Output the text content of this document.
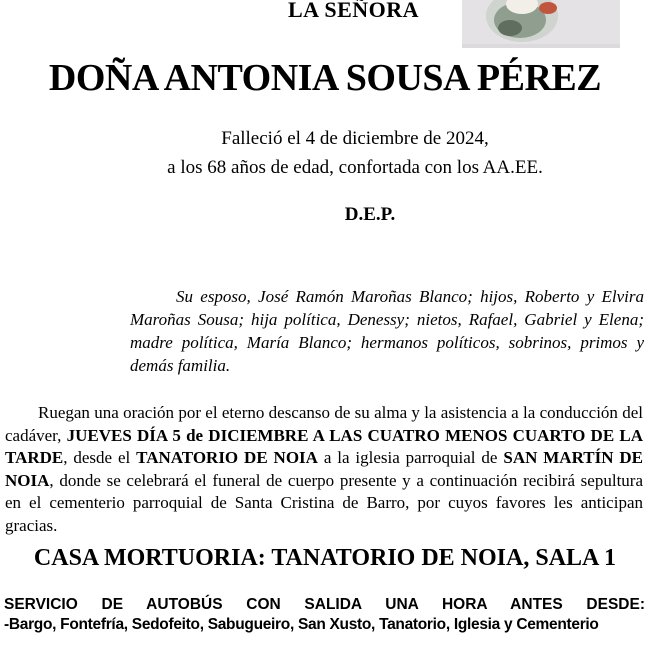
LA SEÑORA
DOÑA ANTONIA SOUSA PÉREZ
Falleció el 4 de diciembre de 2024,
a los 68 años de edad, confortada con los AA.EE.
D.E.P.
Su esposo, José Ramón Maroñas Blanco; hijos, Roberto y Elvira Maroñas Sousa; hija política, Denessy; nietos, Rafael, Gabriel y Elena; madre política, María Blanco; hermanos políticos, sobrinos, primos y demás familia.
Ruegan una oración por el eterno descanso de su alma y la asistencia a la conducción del cadáver, JUEVES DÍA 5 de DICIEMBRE A LAS CUATRO MENOS CUARTO DE LA TARDE, desde el TANATORIO DE NOIA a la iglesia parroquial de SAN MARTÍN DE NOIA, donde se celebrará el funeral de cuerpo presente y a continuación recibirá sepultura en el cementerio parroquial de Santa Cristina de Barro, por cuyos favores les anticipan gracias.
CASA MORTUORIA: TANATORIO DE NOIA, SALA 1
SERVICIO DE AUTOBÚS CON SALIDA UNA HORA ANTES DESDE:
-Bargo, Fontefría, Sedofeito, Sabugueiro, San Xusto, Tanatorio, Iglesia y Cementerio
